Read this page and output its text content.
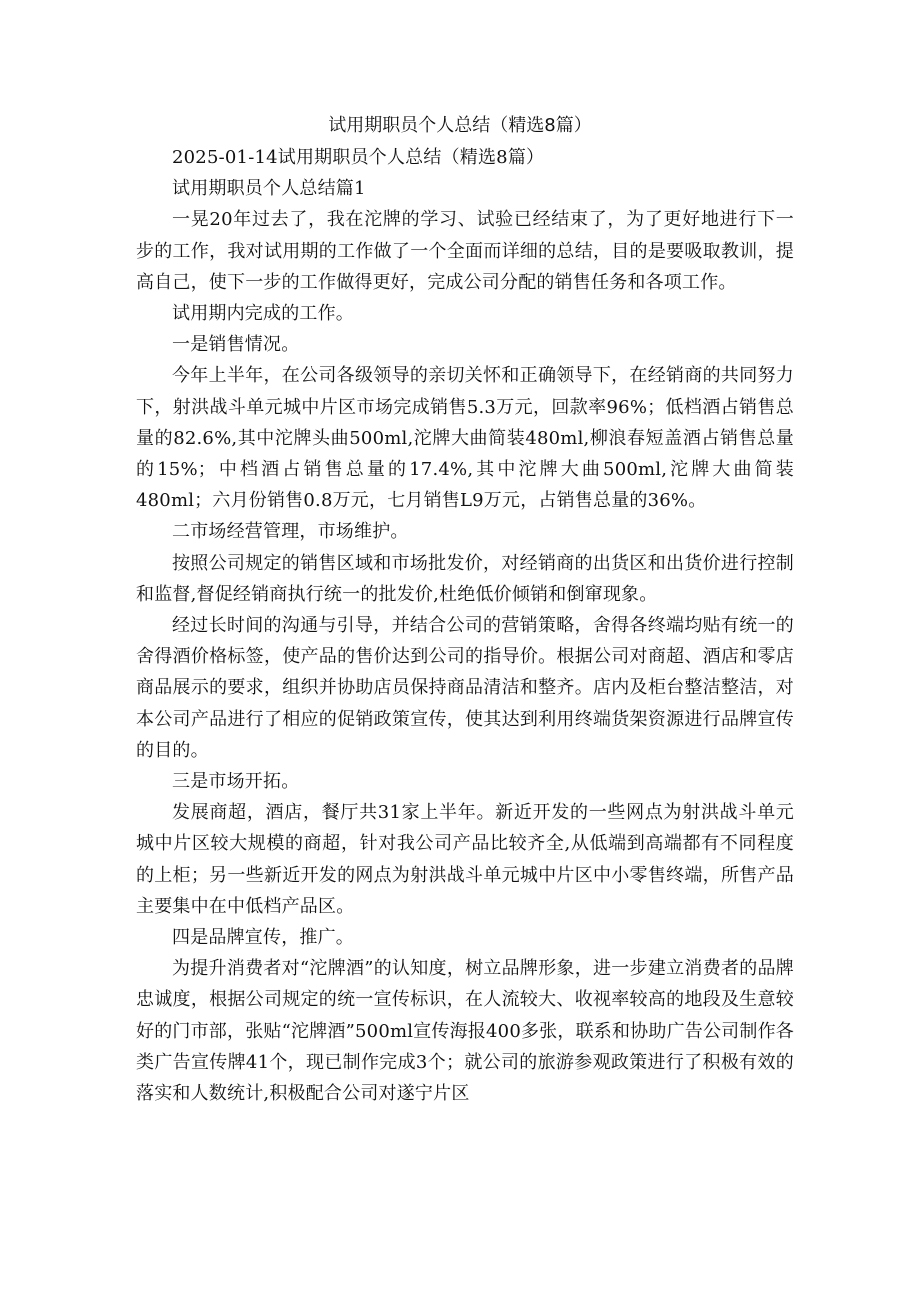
试用期职员个人总结（精选8篇）

2025-01-14试用期职员个人总结（精选8篇）

试用期职员个人总结篇1

一晃20年过去了，我在沱牌的学习、试验已经结束了，为了更好地进行下一步的工作，我对试用期的工作做了一个全面而详细的总结，目的是要吸取教训，提高自己，使下一步的工作做得更好，完成公司分配的销售任务和各项工作。

试用期内完成的工作。

一是销售情况。

今年上半年，在公司各级领导的亲切关怀和正确领导下，在经销商的共同努力下，射洪战斗单元城中片区市场完成销售5.3万元，回款率96%；低档酒占销售总量的82.6%,其中沱牌头曲500ml,沱牌大曲简装480ml,柳浪春短盖酒占销售总量的15%；中档酒占销售总量的17.4%,其中沱牌大曲500ml,沱牌大曲简装480ml；六月份销售0.8万元，七月销售L9万元，占销售总量的36%。

二市场经营管理，市场维护。

按照公司规定的销售区域和市场批发价，对经销商的出货区和出货价进行控制和监督,督促经销商执行统一的批发价,杜绝低价倾销和倒窜现象。

经过长时间的沟通与引导，并结合公司的营销策略，舍得各终端均贴有统一的舍得酒价格标签，使产品的售价达到公司的指导价。根据公司对商超、酒店和零店商品展示的要求，组织并协助店员保持商品清洁和整齐。店内及柜台整洁整洁，对本公司产品进行了相应的促销政策宣传，使其达到利用终端货架资源进行品牌宣传的目的。

三是市场开拓。

发展商超，酒店，餐厅共31家上半年。新近开发的一些网点为射洪战斗单元城中片区较大规模的商超，针对我公司产品比较齐全,从低端到高端都有不同程度的上柜；另一些新近开发的网点为射洪战斗单元城中片区中小零售终端，所售产品主要集中在中低档产品区。

四是品牌宣传，推广。

为提升消费者对“沱牌酒”的认知度，树立品牌形象，进一步建立消费者的品牌忠诚度，根据公司规定的统一宣传标识，在人流较大、收视率较高的地段及生意较好的门市部，张贴“沱牌酒”500ml宣传海报400多张，联系和协助广告公司制作各类广告宣传牌41个，现已制作完成3个；就公司的旅游参观政策进行了积极有效的落实和人数统计,积极配合公司对遂宁片区
